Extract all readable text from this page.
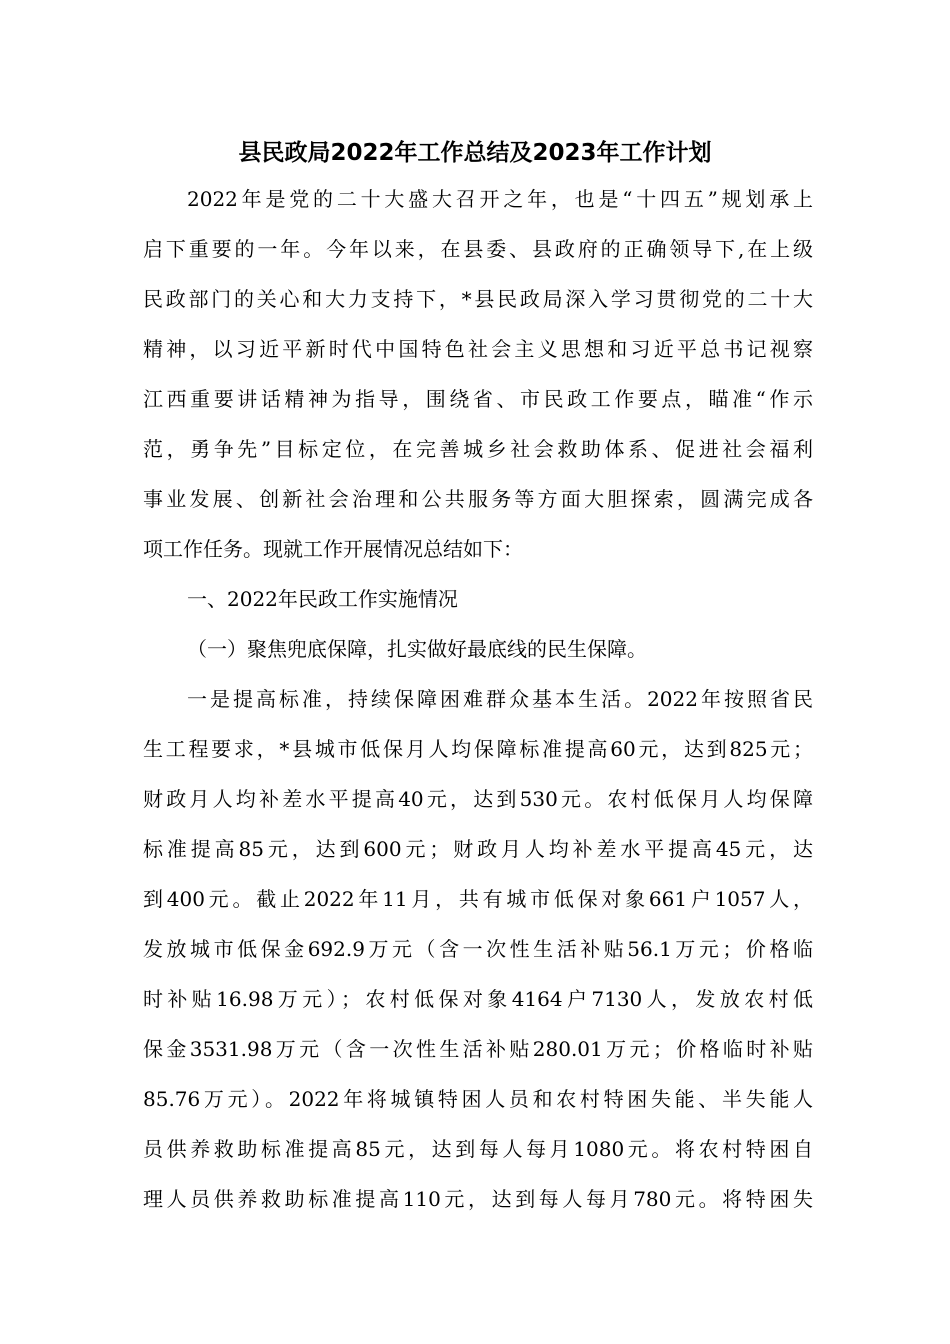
县民政局2022年工作总结及2023年工作计划
2022年是党的二十大盛大召开之年，也是“十四五”规划承上
启下重要的一年。今年以来，在县委、县政府的正确领导下,在上级
民政部门的关心和大力支持下，*县民政局深入学习贯彻党的二十大
精神，以习近平新时代中国特色社会主义思想和习近平总书记视察
江西重要讲话精神为指导，围绕省、市民政工作要点，瞄准“作示
范，勇争先”目标定位，在完善城乡社会救助体系、促进社会福利
事业发展、创新社会治理和公共服务等方面大胆探索，圆满完成各
项工作任务。现就工作开展情况总结如下：
一、2022年民政工作实施情况
（一）聚焦兜底保障，扎实做好最底线的民生保障。
一是提高标准，持续保障困难群众基本生活。2022年按照省民
生工程要求，*县城市低保月人均保障标准提高60元，达到825元；
财政月人均补差水平提高40元，达到530元。农村低保月人均保障
标准提高85元，达到600元；财政月人均补差水平提高45元，达
到400元。截止2022年11月，共有城市低保对象661户1057人，
发放城市低保金692.9万元（含一次性生活补贴56.1万元；价格临
时补贴16.98万元）；农村低保对象4164户7130人，发放农村低
保金3531.98万元（含一次性生活补贴280.01万元；价格临时补贴
85.76万元）。2022年将城镇特困人员和农村特困失能、半失能人
员供养救助标准提高85元，达到每人每月1080元。将农村特困自
理人员供养救助标准提高110元，达到每人每月780元。将特困失
